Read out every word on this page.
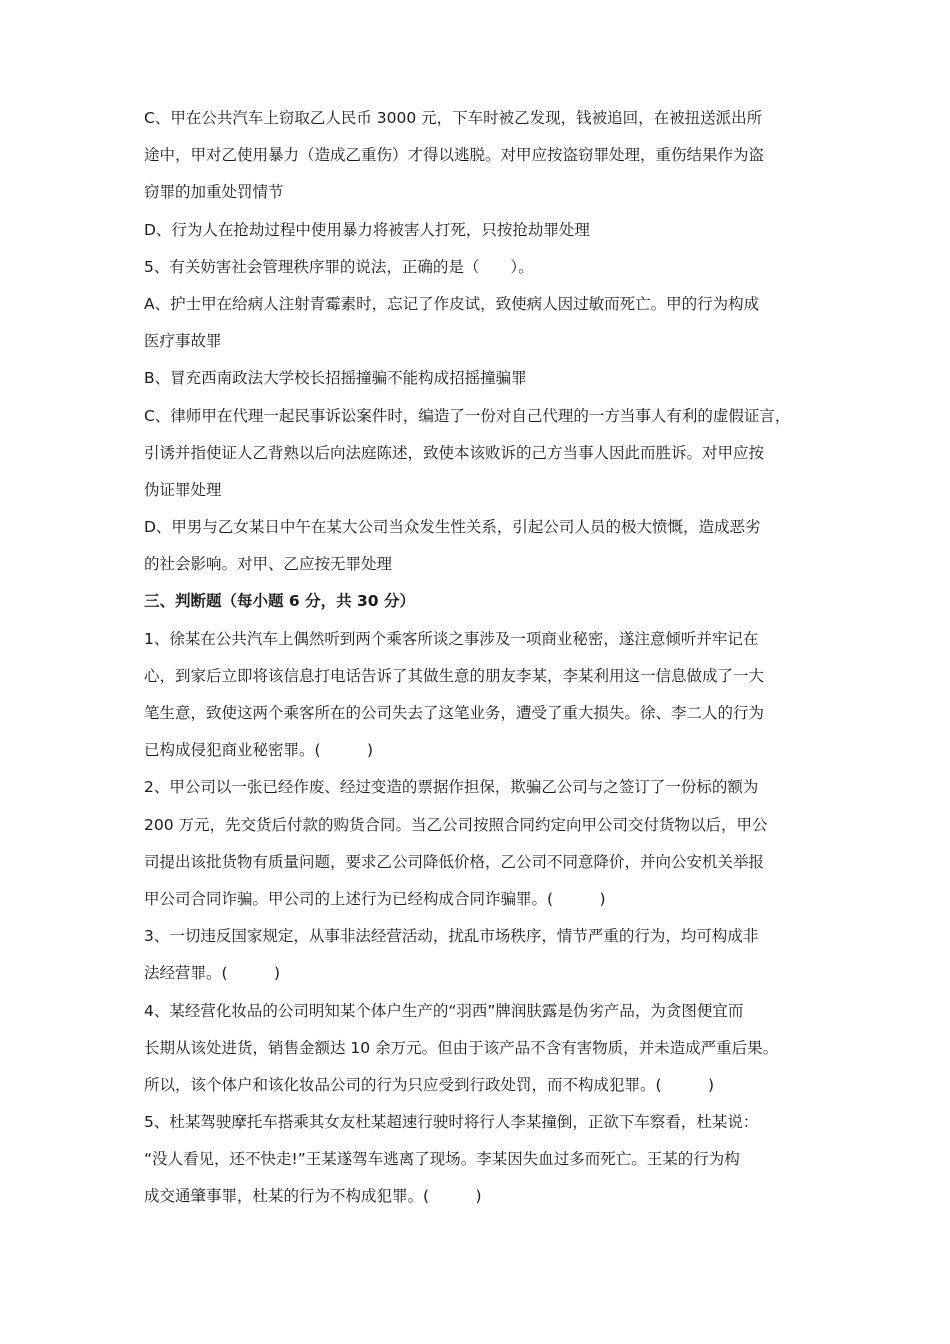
C、甲在公共汽车上窃取乙人民币 3000 元，下车时被乙发现，钱被追回，在被扭送派出所
途中，甲对乙使用暴力（造成乙重伤）才得以逃脱。对甲应按盗窃罪处理，重伤结果作为盗
窃罪的加重处罚情节
D、行为人在抢劫过程中使用暴力将被害人打死，只按抢劫罪处理
5、有关妨害社会管理秩序罪的说法，正确的是（　　）。
A、护士甲在给病人注射青霉素时，忘记了作皮试，致使病人因过敏而死亡。甲的行为构成
医疗事故罪
B、冒充西南政法大学校长招摇撞骗不能构成招摇撞骗罪
C、律师甲在代理一起民事诉讼案件时，编造了一份对自己代理的一方当事人有利的虚假证言，
引诱并指使证人乙背熟以后向法庭陈述，致使本该败诉的己方当事人因此而胜诉。对甲应按
伪证罪处理
D、甲男与乙女某日中午在某大公司当众发生性关系，引起公司人员的极大愤慨，造成恶劣
的社会影响。对甲、乙应按无罪处理
三、判断题（每小题 6 分，共 30 分）
1、徐某在公共汽车上偶然听到两个乘客所谈之事涉及一项商业秘密，遂注意倾听并牢记在
心，到家后立即将该信息打电话告诉了其做生意的朋友李某，李某利用这一信息做成了一大
笔生意，致使这两个乘客所在的公司失去了这笔业务，遭受了重大损失。徐、李二人的行为
已构成侵犯商业秘密罪。(　　　)
2、甲公司以一张已经作废、经过变造的票据作担保，欺骗乙公司与之签订了一份标的额为
200 万元，先交货后付款的购货合同。当乙公司按照合同约定向甲公司交付货物以后，甲公
司提出该批货物有质量问题，要求乙公司降低价格，乙公司不同意降价，并向公安机关举报
甲公司合同诈骗。甲公司的上述行为已经构成合同诈骗罪。(　　　)
3、一切违反国家规定，从事非法经营活动，扰乱市场秩序，情节严重的行为，均可构成非
法经营罪。(　　　)
4、某经营化妆品的公司明知某个体户生产的“羽西”牌润肤露是伪劣产品，为贪图便宜而
长期从该处进货，销售金额达 10 余万元。但由于该产品不含有害物质，并未造成严重后果。
所以，该个体户和该化妆品公司的行为只应受到行政处罚，而不构成犯罪。(　　　)
5、杜某驾驶摩托车搭乘其女友杜某超速行驶时将行人李某撞倒，正欲下车察看，杜某说：
“没人看见，还不快走!”王某遂驾车逃离了现场。李某因失血过多而死亡。王某的行为构
成交通肇事罪，杜某的行为不构成犯罪。(　　　)
